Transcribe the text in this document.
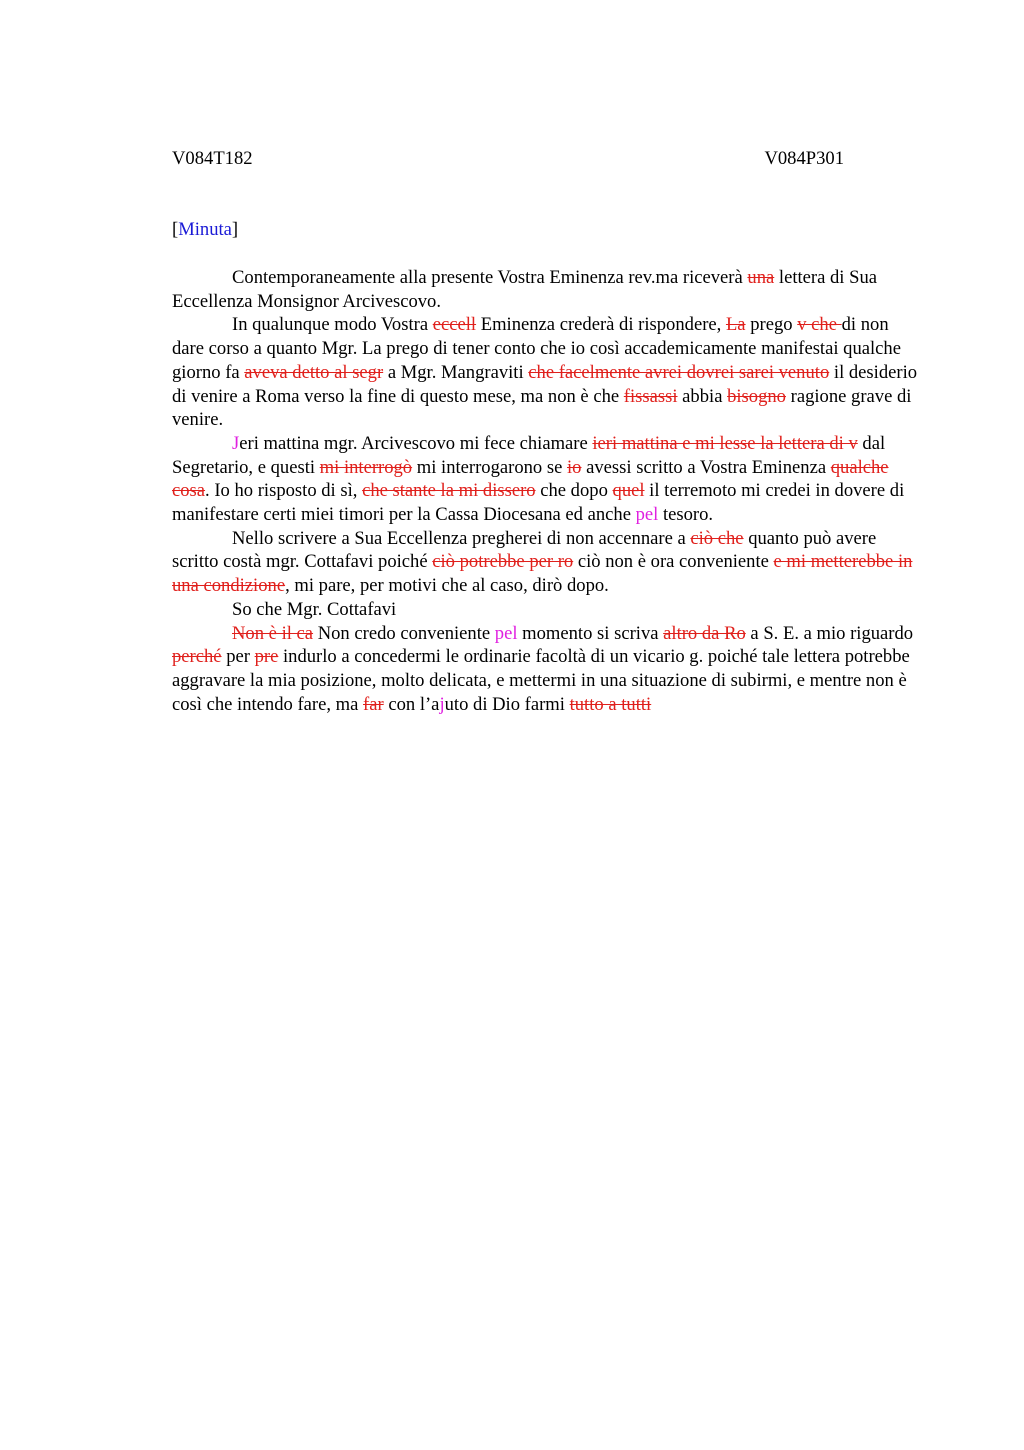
V084T182	V084P301
[Minuta]

Contemporaneamente alla presente Vostra Eminenza rev.ma riceverà una lettera di Sua Eccellenza Monsignor Arcivescovo.

In qualunque modo Vostra eccell Eminenza crederà di rispondere, La prego v che di non dare corso a quanto Mgr. La prego di tener conto che io così accademicamente manifestai qualche giorno fa aveva detto al segr a Mgr. Mangraviti che facelmente avrei dovrei sarei venuto il desiderio di venire a Roma verso la fine di questo mese, ma non è che fissassi abbia bisogno ragione grave di venire.

Jeri mattina mgr. Arcivescovo mi fece chiamare ieri mattina e mi lesse la lettera di v dal Segretario, e questi mi interrogò mi interrogarono se io avessi scritto a Vostra Eminenza qualche cosa. Io ho risposto di sì, che stante la mi dissero che dopo quel il terremoto mi credei in dovere di manifestare certi miei timori per la Cassa Diocesana ed anche pel tesoro.

Nello scrivere a Sua Eccellenza pregherei di non accennare a ciò che quanto può avere scritto costà mgr. Cottafavi poiché ciò potrebbe per ro ciò non è ora conveniente e mi metterebbe in una condizione, mi pare, per motivi che al caso, dirò dopo.

So che Mgr. Cottafavi

Non è il ca Non credo conveniente pel momento si scriva altro da Ro a S. E. a mio riguardo perché per pre indurlo a concedermi le ordinarie facoltà di un vicario g. poiché tale lettera potrebbe aggravare la mia posizione, molto delicata, e mettermi in una situazione di subirmi, e mentre non è così che intendo fare, ma far con l’ajuto di Dio farmi tutto a tutti
